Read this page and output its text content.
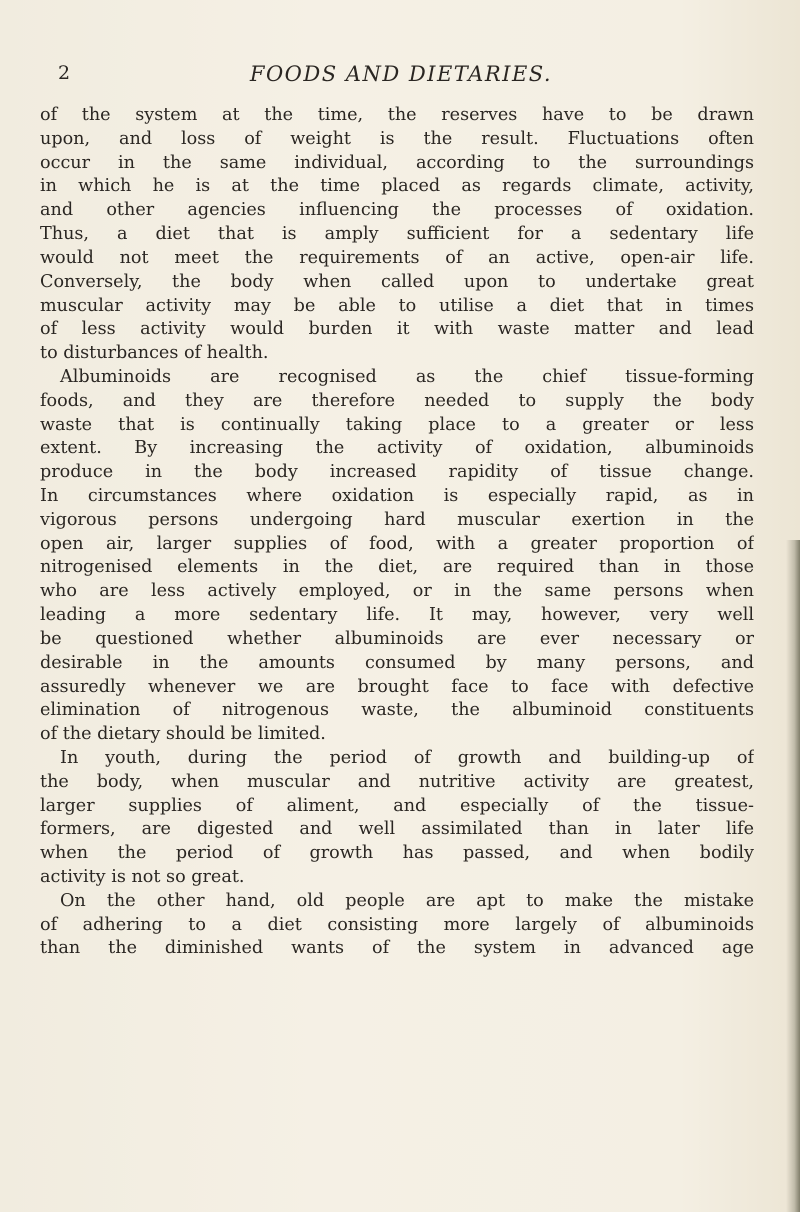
2	FOODS AND DIETARIES.
of the system at the time, the reserves have to be drawn
upon, and loss of weight is the result. Fluctuations often
occur in the same individual, according to the surroundings
in which he is at the time placed as regards climate, activity,
and other agencies influencing the processes of oxidation.
Thus, a diet that is amply sufficient for a sedentary life
would not meet the requirements of an active, open-air life.
Conversely, the body when called upon to undertake great
muscular activity may be able to utilise a diet that in times
of less activity would burden it with waste matter and lead
to disturbances of health.
Albuminoids are recognised as the chief tissue-forming
foods, and they are therefore needed to supply the body
waste that is continually taking place to a greater or less
extent. By increasing the activity of oxidation, albuminoids
produce in the body increased rapidity of tissue change.
In circumstances where oxidation is especially rapid, as in
vigorous persons undergoing hard muscular exertion in the
open air, larger supplies of food, with a greater proportion of
nitrogenised elements in the diet, are required than in those
who are less actively employed, or in the same persons when
leading a more sedentary life. It may, however, very well
be questioned whether albuminoids are ever necessary or
desirable in the amounts consumed by many persons, and
assuredly whenever we are brought face to face with defective
elimination of nitrogenous waste, the albuminoid constituents
of the dietary should be limited.
In youth, during the period of growth and building-up of
the body, when muscular and nutritive activity are greatest,
larger supplies of aliment, and especially of the tissue-
formers, are digested and well assimilated than in later life
when the period of growth has passed, and when bodily
activity is not so great.
On the other hand, old people are apt to make the mistake
of adhering to a diet consisting more largely of albuminoids
than the diminished wants of the system in advanced age
